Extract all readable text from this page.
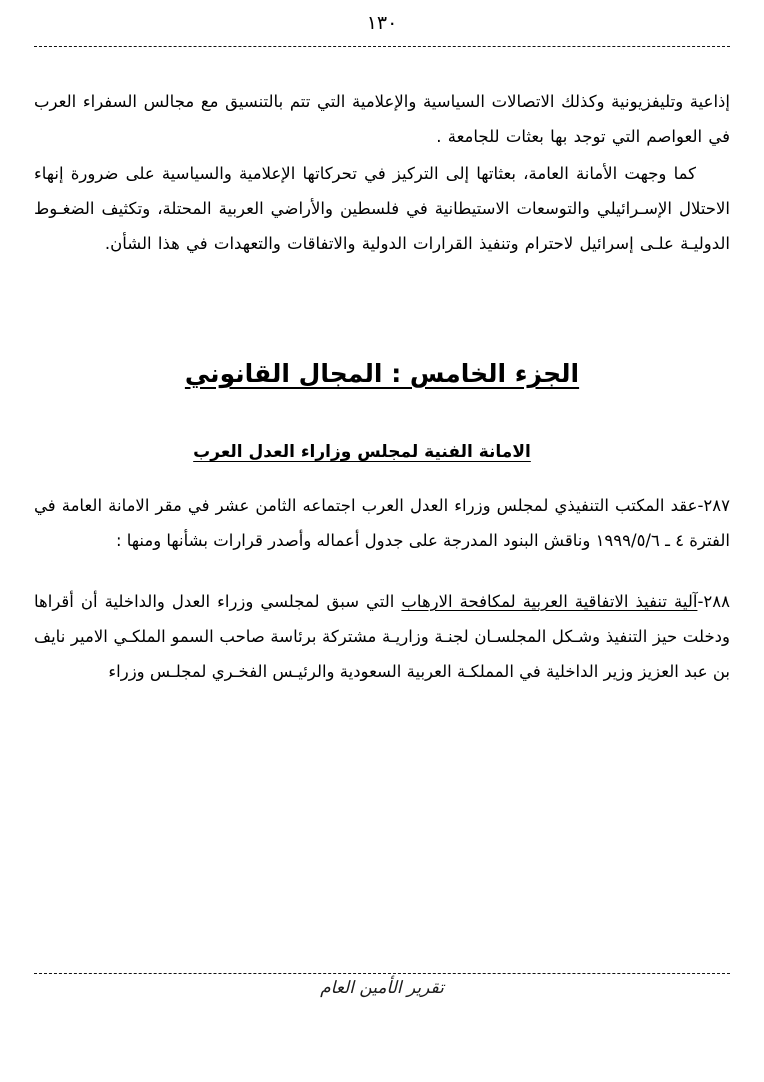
١٣٠

إذاعية وتليفزيونية وكذلك الاتصالات السياسية والإعلامية التي تتم بالتنسيق مع مجالس السفراء العرب في العواصم التي توجد بها بعثات للجامعة .

كما وجهت الأمانة العامة، بعثاتها إلى التركيز في تحركاتها الإعلامية والسياسية على ضرورة إنهاء الاحتلال الإسـرائيلي والتوسعات الاستيطانية في فلسطين والأراضي العربية المحتلة، وتكثيف الضغـوط الدوليـة علـى إسرائيل لاحترام وتنفيذ القرارات الدولية والاتفاقات والتعهدات في هذا الشأن.

الجزء الخامس : المجال القانوني
الامانة الفنية لمجلس وزاراء العدل العرب

٢٨٧-عقد المكتب التنفيذي لمجلس وزراء العدل العرب اجتماعه الثامن عشر في مقر الامانة العامة في الفترة ٤ ـ ١٩٩٩/٥/٦ وناقش البنود المدرجة على جدول أعماله وأصدر قرارات بشأنها ومنها :

٢٨٨-آلية تنفيذ الاتفاقية العربية لمكافحة الارهاب التي سبق لمجلسي وزراء العدل والداخلية أن أقراها ودخلت حيز التنفيذ وشـكل المجلسـان لجنـة وزاريـة مشتركة برئاسة صاحب السمو الملكـي الامير نايف بن عبد العزيز وزير الداخلية في المملكـة العربية السعودية والرئيـس الفخـري لمجلـس وزراء

تقرير الأمين العام
